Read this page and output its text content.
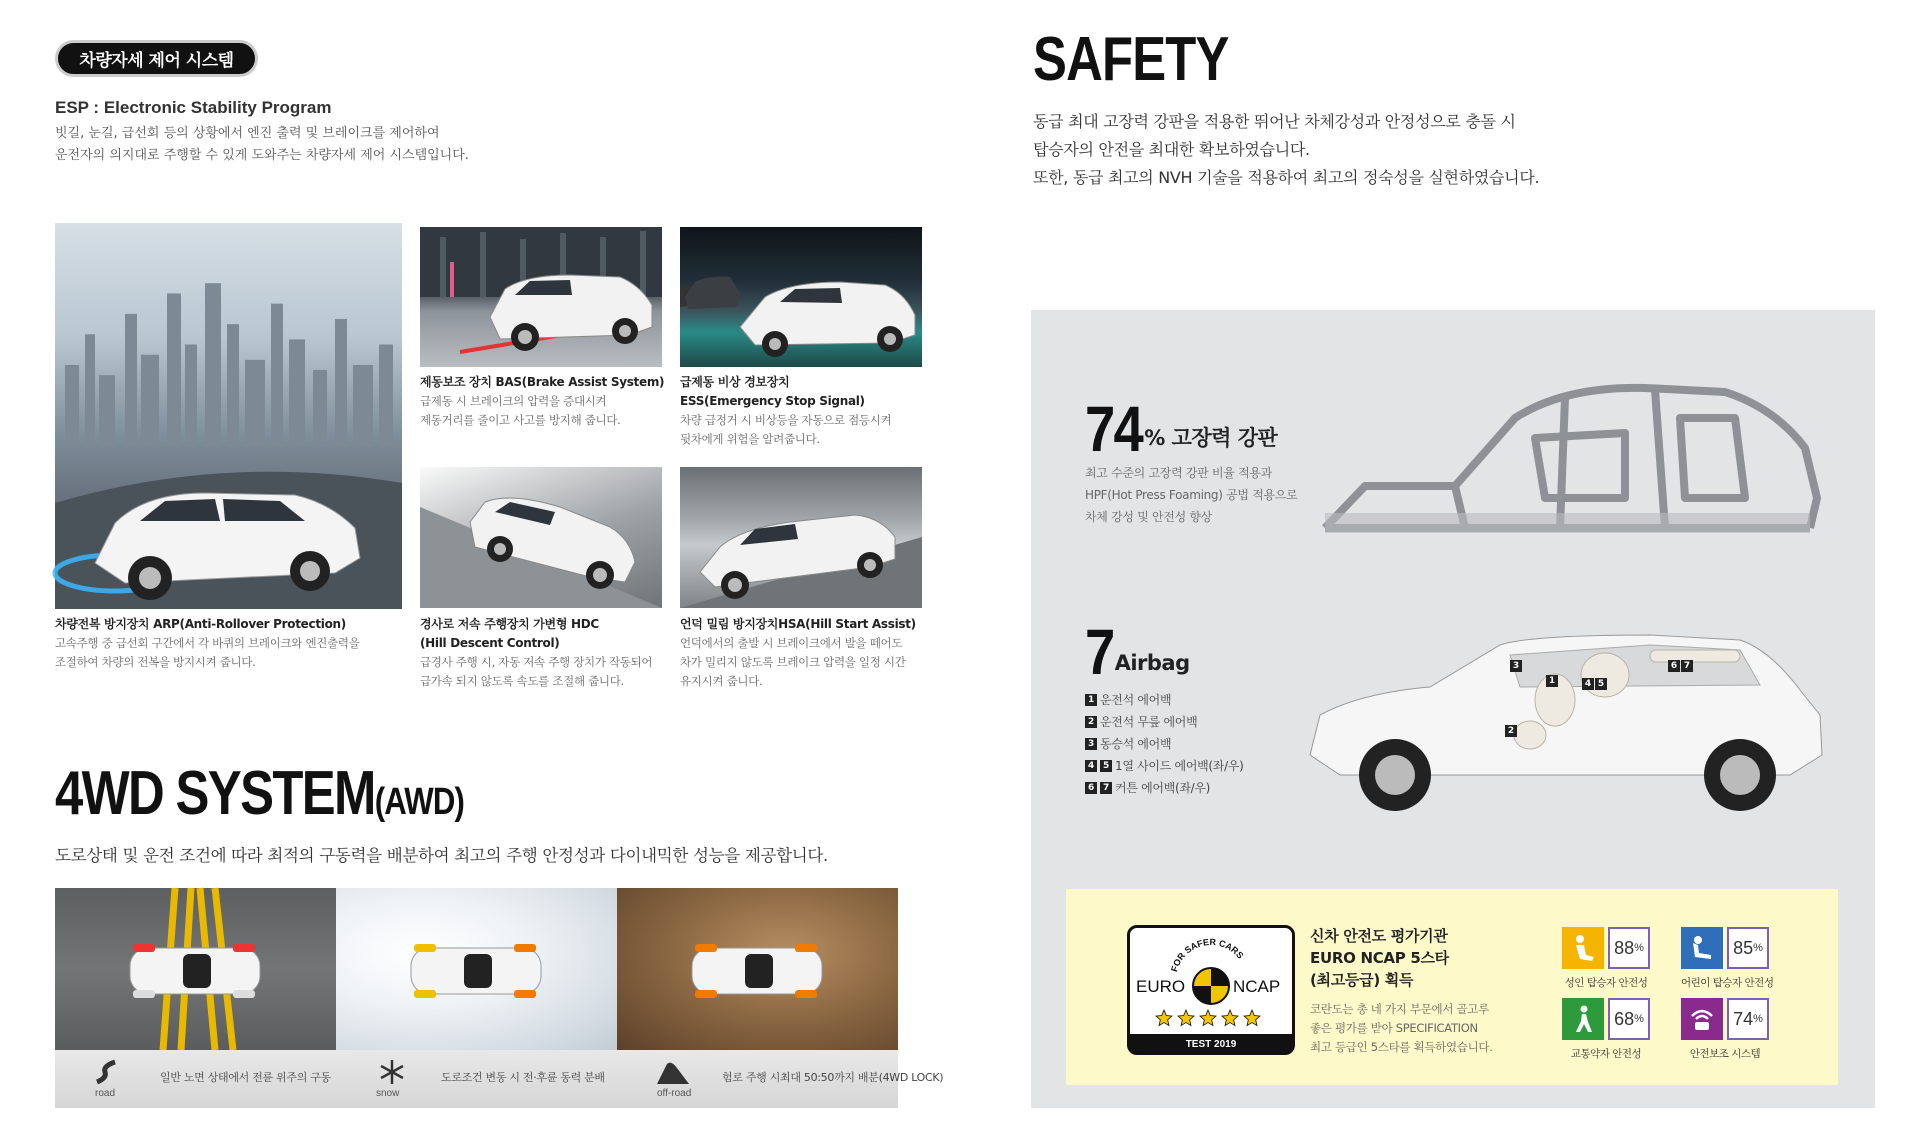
차량자세 제어 시스템
ESP : Electronic Stability Program
빗길, 눈길, 급선회 등의 상황에서 엔진 출력 및 브레이크를 제어하여
운전자의 의지대로 주행할 수 있게 도와주는 차량자세 제어 시스템입니다.
차량전복 방지장치 ARP(Anti-Rollover Protection)
고속주행 중 급선회 구간에서 각 바퀴의 브레이크와 엔진출력을
조절하여 차량의 전복을 방지시켜 줍니다.
제동보조 장치 BAS(Brake Assist System)
급제동 시 브레이크의 압력을 증대시켜
제동거리를 줄이고 사고를 방지해 줍니다.
급제동 비상 경보장치
ESS(Emergency Stop Signal)
차량 급정거 시 비상등을 자동으로 점등시켜
뒷차에게 위험을 알려줍니다.
경사로 저속 주행장치 가변형 HDC
(Hill Descent Control)
급경사 주행 시, 자동 저속 주행 장치가 작동되어
급가속 되지 않도록 속도를 조절해 줍니다.
언덕 밀림 방지장치HSA(Hill Start Assist)
언덕에서의 출발 시 브레이크에서 발을 떼어도
차가 밀리지 않도록 브레이크 압력을 일정 시간
유지시켜 줍니다.
4WD SYSTEM(AWD)
도로상태 및 운전 조건에 따라 최적의 구동력을 배분하여 최고의 주행 안정성과 다이내믹한 성능을 제공합니다.
road
일반 노면 상태에서 전륜 위주의 구동
snow
도로조건 변동 시 전·후륜 동력 분배
off-road
험로 주행 시최대 50:50까지 배분(4WD LOCK)
SAFETY
동급 최대 고장력 강판을 적용한 뛰어난 차체강성과 안정성으로 충돌 시
탑승자의 안전을 최대한 확보하였습니다.
또한, 동급 최고의 NVH 기술을 적용하여 최고의 정숙성을 실현하였습니다.
74 % 고장력 강판
최고 수준의 고장력 강판 비율 적용과
HPF(Hot Press Foaming) 공법 적용으로
차체 강성 및 안전성 향상
7 Airbag
1 운전석 에어백
2 운전석 무릎 에어백
3 동승석 에어백
4	5 1열 사이드 에어백(좌/우)
6	7 커튼 에어백(좌/우)
3
1	4 5
6 7
2
FOR SAFER CARS
EURO	NCAP
TEST 2019
신차 안전도 평가기관
EURO NCAP 5스타
(최고등급) 획득
코란도는 총 네 가지 부문에서 골고루
좋은 평가를 받아 SPECIFICATION
최고 등급인 5스타를 획득하였습니다.
88 %
성인 탑승자 안전성
85 %
어린이 탑승자 안전성
68 %
교통약자 안전성
74 %
안전보조 시스템
